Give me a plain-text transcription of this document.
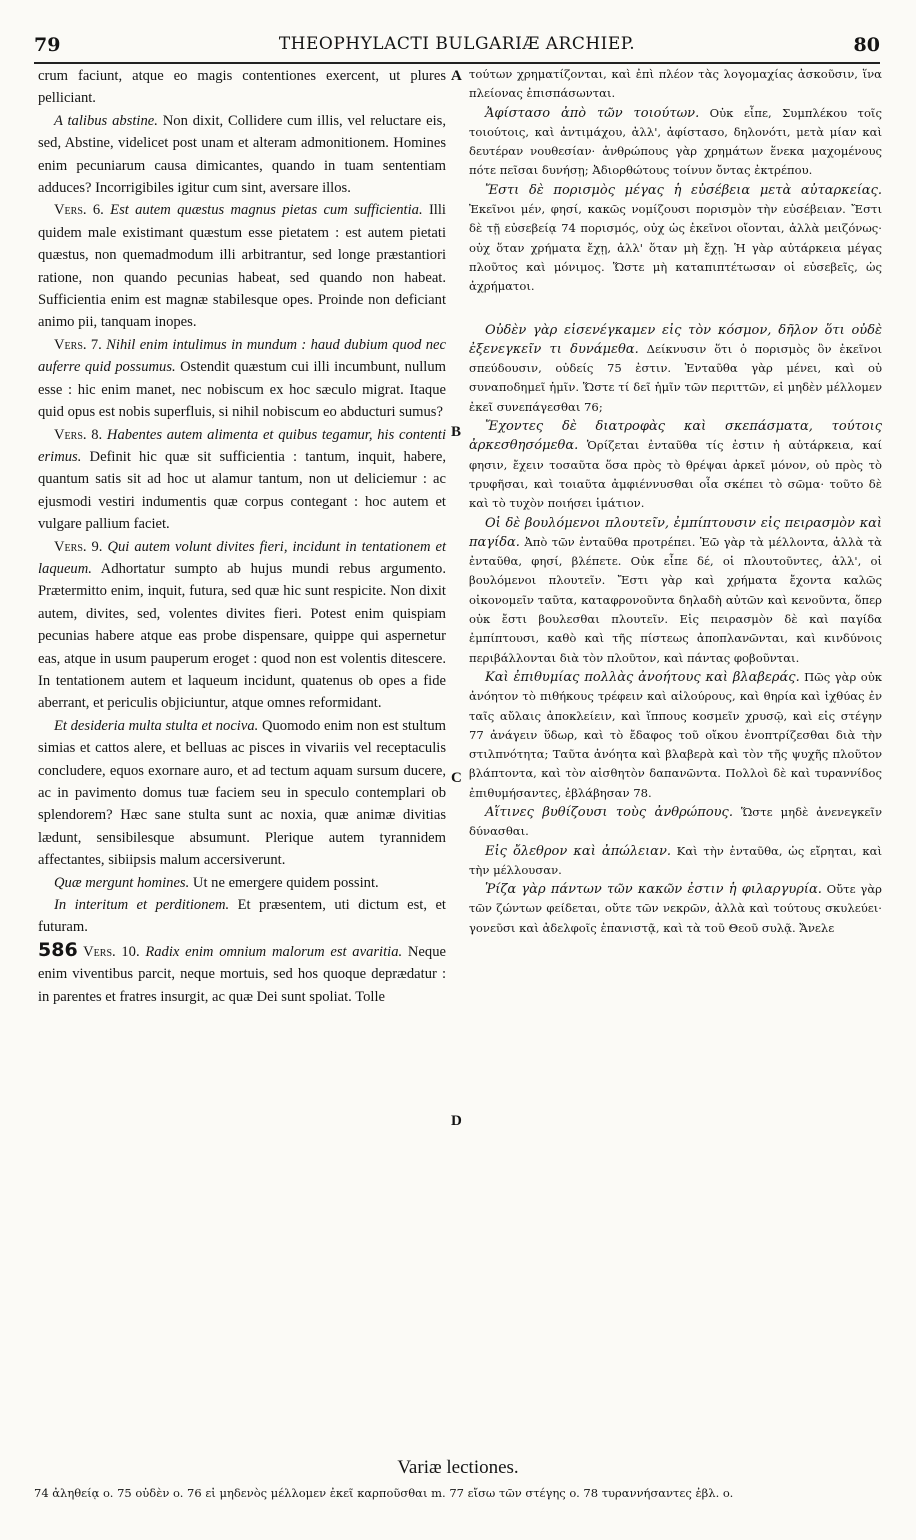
79	THEOPHYLACTI BULGARIÆ ARCHIEP.	80

crum faciunt, atque eo magis contentiones exercent, ut plures pelliciant.

A talibus abstine. Non dixit, Collidere cum illis, vel reluctare eis, sed, Abstine, videlicet post unam et alteram admonitionem. Homines enim pecuniarum causa dimicantes, quando in tuam sententiam adduces? Incorrigibiles igitur cum sint, aversare illos.

Vers. 6. Est autem quæstus magnus pietas cum sufficientia. Illi quidem male existimant quæstum esse pietatem : est autem pietati quæstus, non quemadmodum illi arbitrantur, sed longe præstantiori ratione, non quando pecunias habeat, sed quando non habeat. Sufficientia enim est magnæ stabilesque opes. Proinde non deficiant animo pii, tanquam inopes.

Vers. 7. Nihil enim intulimus in mundum : haud dubium quod nec auferre quid possumus. Ostendit quæstum cui illi incumbunt, nullum esse : hic enim manet, nec nobiscum ex hoc sæculo migrat. Itaque quid opus est nobis superfluis, si nihil nobiscum eo abducturi sumus?

Vers. 8. Habentes autem alimenta et quibus tegamur, his contenti erimus. Definit hic quæ sit sufficientia : tantum, inquit, habere, quantum satis sit ad hoc ut alamur tantum, non ut deliciemur : ac ejusmodi vestiri indumentis quæ corpus contegant : hoc autem et vulgare pallium faciet.

Vers. 9. Qui autem volunt divites fieri, incidunt in tentationem et laqueum. Adhortatur sumpto ab hujus mundi rebus argumento. Prætermitto enim, inquit, futura, sed quæ hic sunt respicite. Non dixit autem, divites, sed, volentes divites fieri. Potest enim quispiam pecunias habere atque eas probe dispensare, quippe qui aspernetur eas, atque in usum pauperum eroget : quod non est volentis ditescere. In tentationem autem et laqueum incidunt, quatenus ob opes a fide aberrant, et periculis objiciuntur, atque omnes reformidant.

Et desideria multa stulta et nociva. Quomodo enim non est stultum simias et cattos alere, et belluas ac pisces in vivariis vel receptaculis concludere, equos exornare auro, et ad tectum aquam sursum ducere, ac in pavimento domus tuæ faciem seu in speculo contemplari ob splendorem? Hæc sane stulta sunt ac noxia, quæ animæ divitias lædunt, sensibilesque absumunt. Plerique autem tyrannidem affectantes, sibiipsis malum accersiverunt.

Quæ mergunt homines. Ut ne emergere quidem possint.

In interitum et perditionem. Et præsentem, uti dictum est, et futuram.

586 Vers. 10. Radix enim omnium malorum est avaritia. Neque enim viventibus parcit, neque mortuis, sed hos quoque deprædatur : in parentes et fratres insurgit, ac quæ Dei sunt spoliat. Tolle

τούτων χρηματίζονται, καὶ ἐπὶ πλέον τὰς λογομαχίας ἀσκοῦσιν, ἵνα πλείονας ἐπισπάσωνται.

Ἀφίστασο ἀπὸ τῶν τοιούτων. Οὐκ εἶπε, Συμπλέκου τοῖς τοιούτοις, καὶ ἀντιμάχου, ἀλλ', ἀφίστασο, δηλονότι, μετὰ μίαν καὶ δευτέραν νουθεσίαν· ἀνθρώπους γὰρ χρημάτων ἕνεκα μαχομένους πότε πεῖσαι δυνήσῃ; Ἀδιορθώτους τοίνυν ὄντας ἐκτρέπου.

Ἔστι δὲ πορισμὸς μέγας ἡ εὐσέβεια μετὰ αὐταρκείας. Ἐκεῖνοι μέν, φησί, κακῶς νομίζουσι πορισμὸν τὴν εὐσέβειαν. Ἔστι δὲ τῇ εὐσεβείᾳ 74 πορισμός, οὐχ ὡς ἐκεῖνοι οἴονται, ἀλλὰ μειζόνως· οὐχ ὅταν χρήματα ἔχῃ, ἀλλ' ὅταν μὴ ἔχῃ. Ἡ γὰρ αὐτάρκεια μέγας πλοῦτος καὶ μόνιμος. Ὥστε μὴ καταπιπτέτωσαν οἱ εὐσεβεῖς, ὡς ἀχρήματοι.

Οὐδὲν γὰρ εἰσενέγκαμεν εἰς τὸν κόσμον, δῆλον ὅτι οὐδὲ ἐξενεγκεῖν τι δυνάμεθα. Δείκνυσιν ὅτι ὁ πορισμὸς ὃν ἐκεῖνοι σπεύδουσιν, οὐδείς 75 ἐστιν. Ἐνταῦθα γὰρ μένει, καὶ οὐ συναποδημεῖ ἡμῖν. Ὥστε τί δεῖ ἡμῖν τῶν περιττῶν, εἰ μηδὲν μέλλομεν ἐκεῖ συνεπάγεσθαι 76;

Ἔχοντες δὲ διατροφὰς καὶ σκεπάσματα, τούτοις ἀρκεσθησόμεθα. Ὁρίζεται ἐνταῦθα τίς ἐστιν ἡ αὐτάρκεια, καί φησιν, ἔχειν τοσαῦτα ὅσα πρὸς τὸ θρέψαι ἀρκεῖ μόνον, οὐ πρὸς τὸ τρυφῆσαι, καὶ τοιαῦτα ἀμφιέννυσθαι οἷα σκέπει τὸ σῶμα· τοῦτο δὲ καὶ τὸ τυχὸν ποιήσει ἱμάτιον.

Οἱ δὲ βουλόμενοι πλουτεῖν, ἐμπίπτουσιν εἰς πειρασμὸν καὶ παγίδα. Ἀπὸ τῶν ἐνταῦθα προτρέπει. Ἐῶ γὰρ τὰ μέλλοντα, ἀλλὰ τὰ ἐνταῦθα, φησί, βλέπετε. Οὐκ εἶπε δέ, οἱ πλουτοῦντες, ἀλλ', οἱ βουλόμενοι πλουτεῖν. Ἔστι γὰρ καὶ χρήματα ἔχοντα καλῶς οἰκονομεῖν ταῦτα, καταφρονοῦντα δηλαδὴ αὐτῶν καὶ κενοῦντα, ὅπερ οὐκ ἔστι βουλεσθαι πλουτεῖν. Εἰς πειρασμὸν δὲ καὶ παγίδα ἐμπίπτουσι, καθὸ καὶ τῆς πίστεως ἀποπλανῶνται, καὶ κινδύνοις περιβάλλονται διὰ τὸν πλοῦτον, καὶ πάντας φοβοῦνται.

Καὶ ἐπιθυμίας πολλὰς ἀνοήτους καὶ βλαβεράς. Πῶς γὰρ οὐκ ἀνόητον τὸ πιθήκους τρέφειν καὶ αἰλούρους, καὶ θηρία καὶ ἰχθύας ἐν ταῖς αὔλαις ἀποκλείειν, καὶ ἵππους κοσμεῖν χρυσῷ, καὶ εἰς στέγην 77 ἀνάγειν ὕδωρ, καὶ τὸ ἔδαφος τοῦ οἴκου ἐνοπτρίζεσθαι διὰ τὴν στιλπνότητα; Ταῦτα ἀνόητα καὶ βλαβερὰ καὶ τὸν τῆς ψυχῆς πλοῦτον βλάπτοντα, καὶ τὸν αἰσθητὸν δαπανῶντα. Πολλοὶ δὲ καὶ τυραννίδος ἐπιθυμήσαντες, ἐβλάβησαν 78.

Αἵτινες βυθίζουσι τοὺς ἀνθρώπους. Ὥστε μηδὲ ἀνενεγκεῖν δύνασθαι.

Εἰς ὄλεθρον καὶ ἀπώλειαν. Καὶ τὴν ἐνταῦθα, ὡς εἴρηται, καὶ τὴν μέλλουσαν.

Ῥίζα γὰρ πάντων τῶν κακῶν ἐστιν ἡ φιλαργυρία. Οὔτε γὰρ τῶν ζώντων φείδεται, οὔτε τῶν νεκρῶν, ἀλλὰ καὶ τούτους σκυλεύει· γονεῦσι καὶ ἀδελφοῖς ἐπανιστᾷ, καὶ τὰ τοῦ Θεοῦ συλᾷ. Ἄνελε

A
B
C
D
Variæ lectiones.
74 ἀληθείᾳ o. 75 οὐδὲν o. 76 εἰ μηδενὸς μέλλομεν ἐκεῖ καρποῦσθαι m. 77 εἴσω τῶν στέγης o. 78 τυραννήσαντες ἐβλ. o.
